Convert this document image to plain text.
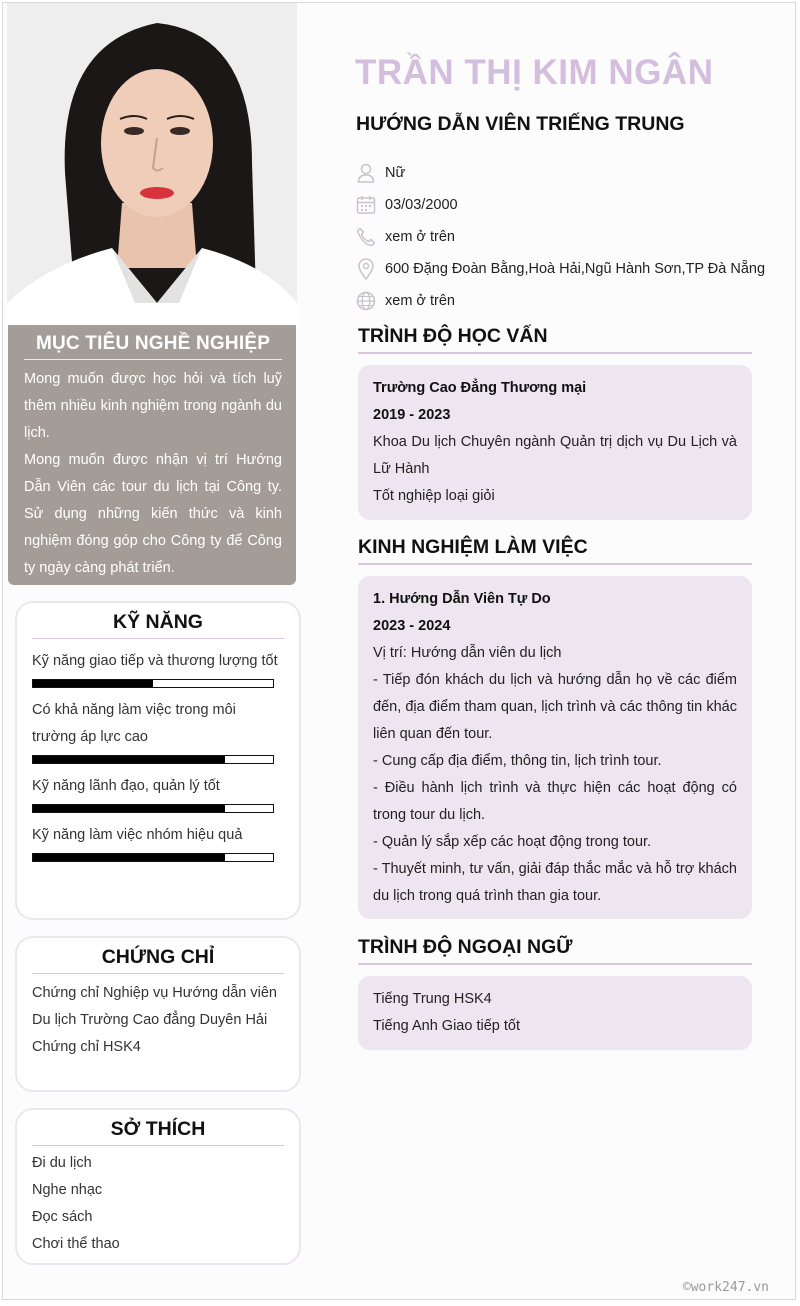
MỤC TIÊU NGHỀ NGHIỆP

Mong muốn được học hỏi và tích luỹ thêm nhiều kinh nghiệm trong ngành du lịch.

Mong muốn được nhận vị trí Hướng Dẫn Viên các tour du lịch tại Công ty. Sử dụng những kiến thức và kinh nghiệm đóng góp cho Công ty để Công ty ngày càng phát triển.

KỸ NĂNG
Kỹ năng giao tiếp và thương lượng tốt
Có khả năng làm việc trong môi trường áp lực cao
Kỹ năng lãnh đạo, quản lý tốt
Kỹ năng làm việc nhóm hiệu quả
CHỨNG CHỈ

Chứng chỉ Nghiệp vụ Hướng dẫn viên

Du lịch Trường Cao đẳng Duyên Hải

Chứng chỉ HSK4

SỞ THÍCH

Đi du lịch

Nghe nhạc

Đọc sách

Chơi thể thao

TRẦN THỊ KIM NGÂN
HƯỚNG DẪN VIÊN TRIẾNG TRUNG
Nữ
03/03/2000
xem ở trên
600 Đặng Đoàn Bằng,Hoà Hải,Ngũ Hành Sơn,TP Đà Nẵng
xem ở trên
TRÌNH ĐỘ HỌC VẤN

Trường Cao Đẳng Thương mại

2019 - 2023

Khoa Du lịch Chuyên ngành Quản trị dịch vụ Du Lịch và Lữ Hành

Tốt nghiệp loại giỏi

KINH NGHIỆM LÀM VIỆC

1. Hướng Dẫn Viên Tự Do

2023 - 2024

Vị trí: Hướng dẫn viên du lịch

- Tiếp đón khách du lịch và hướng dẫn họ về các điểm đến, địa điểm tham quan, lịch trình và các thông tin khác liên quan đến tour.

- Cung cấp địa điểm, thông tin, lịch trình tour.

- Điều hành lịch trình và thực hiện các hoạt động có trong tour du lịch.

- Quản lý sắp xếp các hoạt động trong tour.

- Thuyết minh, tư vấn, giải đáp thắc mắc và hỗ trợ khách du lịch trong quá trình than gia tour.

TRÌNH ĐỘ NGOẠI NGỮ

Tiếng Trung HSK4

Tiếng Anh Giao tiếp tốt

©work247.vn
